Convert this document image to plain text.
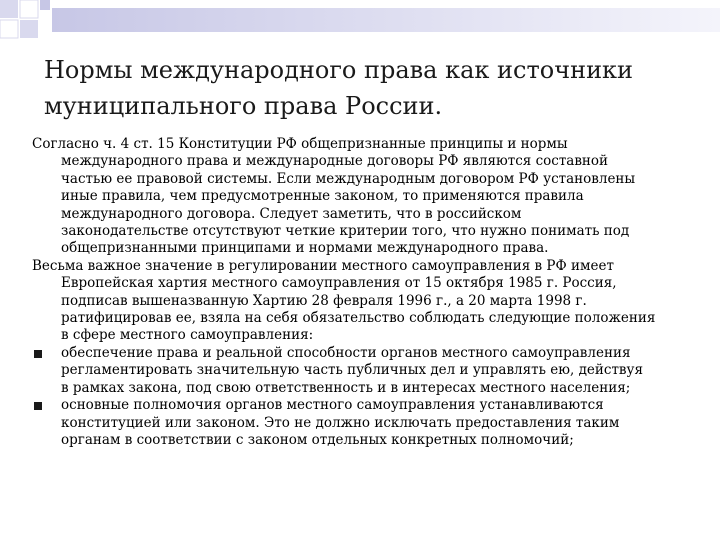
Нормы международного права как источники
муниципального права России.
Согласно ч. 4 ст. 15 Конституции РФ общепризнанные принципы и нормы
международного права и международные договоры РФ являются составной
частью ее правовой системы. Если международным договором РФ установлены
иные правила, чем предусмотренные законом, то применяются правила
международного договора. Следует заметить, что в российском
законодательстве отсутствуют четкие критерии того, что нужно понимать под
общепризнанными принципами и нормами международного права.
Весьма важное значение в регулировании местного самоуправления в РФ имеет
Европейская хартия местного самоуправления от 15 октября 1985 г. Россия,
подписав вышеназванную Хартию 28 февраля 1996 г., а 20 марта 1998 г.
ратифицировав ее, взяла на себя обязательство соблюдать следующие положения
в сфере местного самоуправления:
обеспечение права и реальной способности органов местного самоуправления
регламентировать значительную часть публичных дел и управлять ею, действуя
в рамках закона, под свою ответственность и в интересах местного населения;
основные полномочия органов местного самоуправления устанавливаются
конституцией или законом. Это не должно исключать предоставления таким
органам в соответствии с законом отдельных конкретных полномочий;
